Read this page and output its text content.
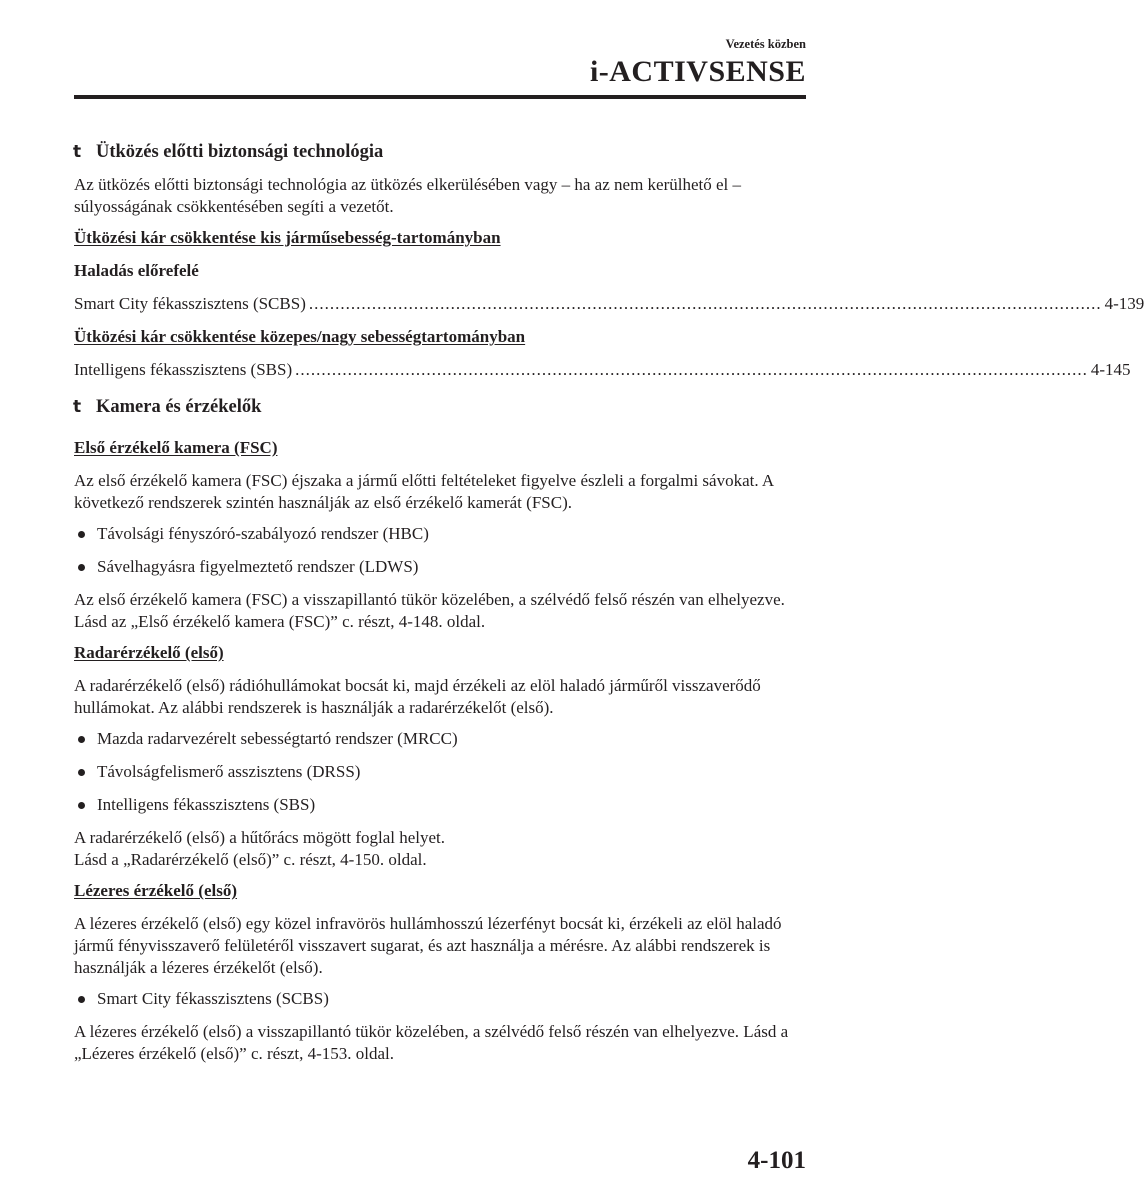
Vezetés közben
i-ACTIVSENSE
t Ütközés előtti biztonsági technológia

Az ütközés előtti biztonsági technológia az ütközés elkerülésében vagy – ha az nem kerülhető el – súlyosságának csökkentésében segíti a vezetőt.

Ütközési kár csökkentése kis járműsebesség-tartományban
Haladás előrefelé
Smart City fékasszisztens (SCBS) ....................................................................................................................................................... 4-139
Ütközési kár csökkentése közepes/nagy sebességtartományban
Intelligens fékasszisztens (SBS) ....................................................................................................................................................... 4-145
t Kamera és érzékelők
Első érzékelő kamera (FSC)

Az első érzékelő kamera (FSC) éjszaka a jármű előtti feltételeket figyelve észleli a forgalmi sávokat. A következő rendszerek szintén használják az első érzékelő kamerát (FSC).

Távolsági fényszóró-szabályozó rendszer (HBC)
Sávelhagyásra figyelmeztető rendszer (LDWS)
Az első érzékelő kamera (FSC) a visszapillantó tükör közelében, a szélvédő felső részén van elhelyezve.

Lásd az „Első érzékelő kamera (FSC)” c. részt, 4-148. oldal.

Radarérzékelő (első)

A radarérzékelő (első) rádióhullámokat bocsát ki, majd érzékeli az elöl haladó járműről visszaverődő hullámokat. Az alábbi rendszerek is használják a radarérzékelőt (első).

Mazda radarvezérelt sebességtartó rendszer (MRCC)
Távolságfelismerő asszisztens (DRSS)
Intelligens fékasszisztens (SBS)
A radarérzékelő (első) a hűtőrács mögött foglal helyet.

Lásd a „Radarérzékelő (első)” c. részt, 4-150. oldal.

Lézeres érzékelő (első)

A lézeres érzékelő (első) egy közel infravörös hullámhosszú lézerfényt bocsát ki, érzékeli az elöl haladó jármű fényvisszaverő felületéről visszavert sugarat, és azt használja a mérésre. Az alábbi rendszerek is használják a lézeres érzékelőt (első).

Smart City fékasszisztens (SCBS)

A lézeres érzékelő (első) a visszapillantó tükör közelében, a szélvédő felső részén van elhelyezve. Lásd a „Lézeres érzékelő (első)” c. részt, 4-153. oldal.

4-101
